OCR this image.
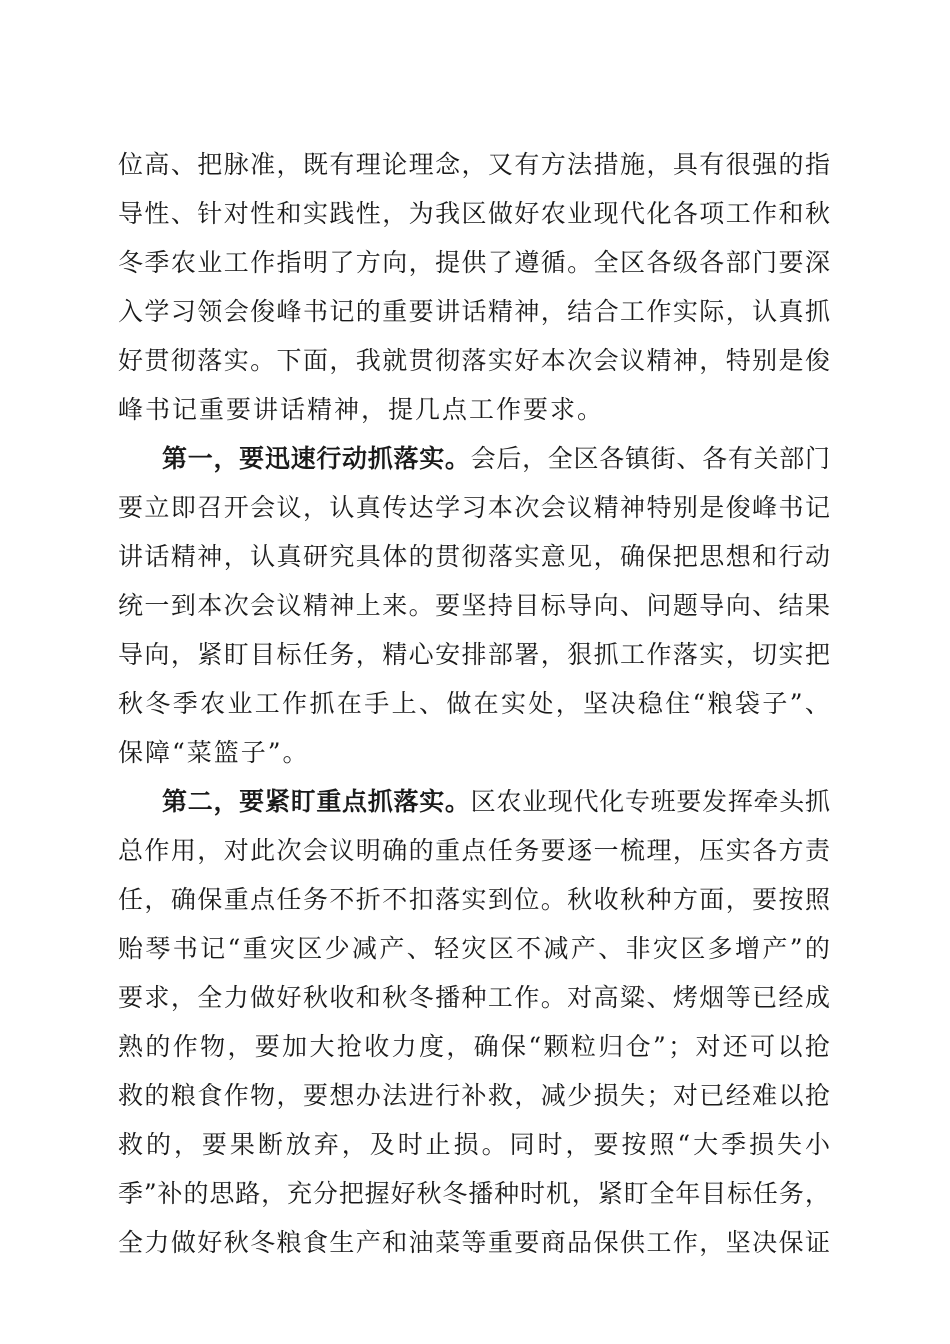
位 高 、 把 脉 准 ， 既 有 理 论 理 念 ， 又 有 方 法 措 施 ， 具 有 很 强 的 指
导 性 、 针 对 性 和 实 践 性 ， 为 我 区 做 好 农 业 现 代 化 各 项 工 作 和 秋
冬 季 农 业 工 作 指 明 了 方 向 ， 提 供 了 遵 循 。 全 区 各 级 各 部 门 要 深
入 学 习 领 会 俊 峰 书 记 的 重 要 讲 话 精 神 ， 结 合 工 作 实 际 ， 认 真 抓
好 贯 彻 落 实 。 下 面 ， 我 就 贯 彻 落 实 好 本 次 会 议 精 神 ， 特 别 是 俊
峰书记重要讲话精神，提几点工作要求。
第 一 ， 要 迅 速 行 动 抓 落 实 。 会 后 ， 全 区 各 镇 街 、 各 有 关 部 门
要 立 即 召 开 会 议 ， 认 真 传 达 学 习 本 次 会 议 精 神 特 别 是 俊 峰 书 记
讲 话 精 神 ， 认 真 研 究 具 体 的 贯 彻 落 实 意 见 ， 确 保 把 思 想 和 行 动
统 一 到 本 次 会 议 精 神 上 来 。 要 坚 持 目 标 导 向 、 问 题 导 向 、 结 果
导 向 ， 紧 盯 目 标 任 务 ， 精 心 安 排 部 署 ， 狠 抓 工 作 落 实 ， 切 实 把
秋 冬 季 农 业 工 作 抓 在 手 上 、 做 在 实 处 ， 坚 决 稳 住 “ 粮 袋 子 ” 、
保障“菜篮子”。
第 二 ， 要 紧 盯 重 点 抓 落 实 。 区 农 业 现 代 化 专 班 要 发 挥 牵 头 抓
总 作 用 ， 对 此 次 会 议 明 确 的 重 点 任 务 要 逐 一 梳 理 ， 压 实 各 方 责
任 ， 确 保 重 点 任 务 不 折 不 扣 落 实 到 位 。 秋 收 秋 种 方 面 ， 要 按 照
贻 琴 书 记 “ 重 灾 区 少 减 产 、 轻 灾 区 不 减 产 、 非 灾 区 多 增 产 ” 的
要 求 ， 全 力 做 好 秋 收 和 秋 冬 播 种 工 作 。 对 高 粱 、 烤 烟 等 已 经 成
熟 的 作 物 ， 要 加 大 抢 收 力 度 ， 确 保 “ 颗 粒 归 仓 ” ； 对 还 可 以 抢
救 的 粮 食 作 物 ， 要 想 办 法 进 行 补 救 ， 减 少 损 失 ； 对 已 经 难 以 抢
救 的 ， 要 果 断 放 弃 ， 及 时 止 损 。 同 时 ， 要 按 照 “ 大 季 损 失 小
季 ” 补 的 思 路 ， 充 分 把 握 好 秋 冬 播 种 时 机 ， 紧 盯 全 年 目 标 任 务 ，
全 力 做 好 秋 冬 粮 食 生 产 和 油 菜 等 重 要 商 品 保 供 工 作 ， 坚 决 保 证
